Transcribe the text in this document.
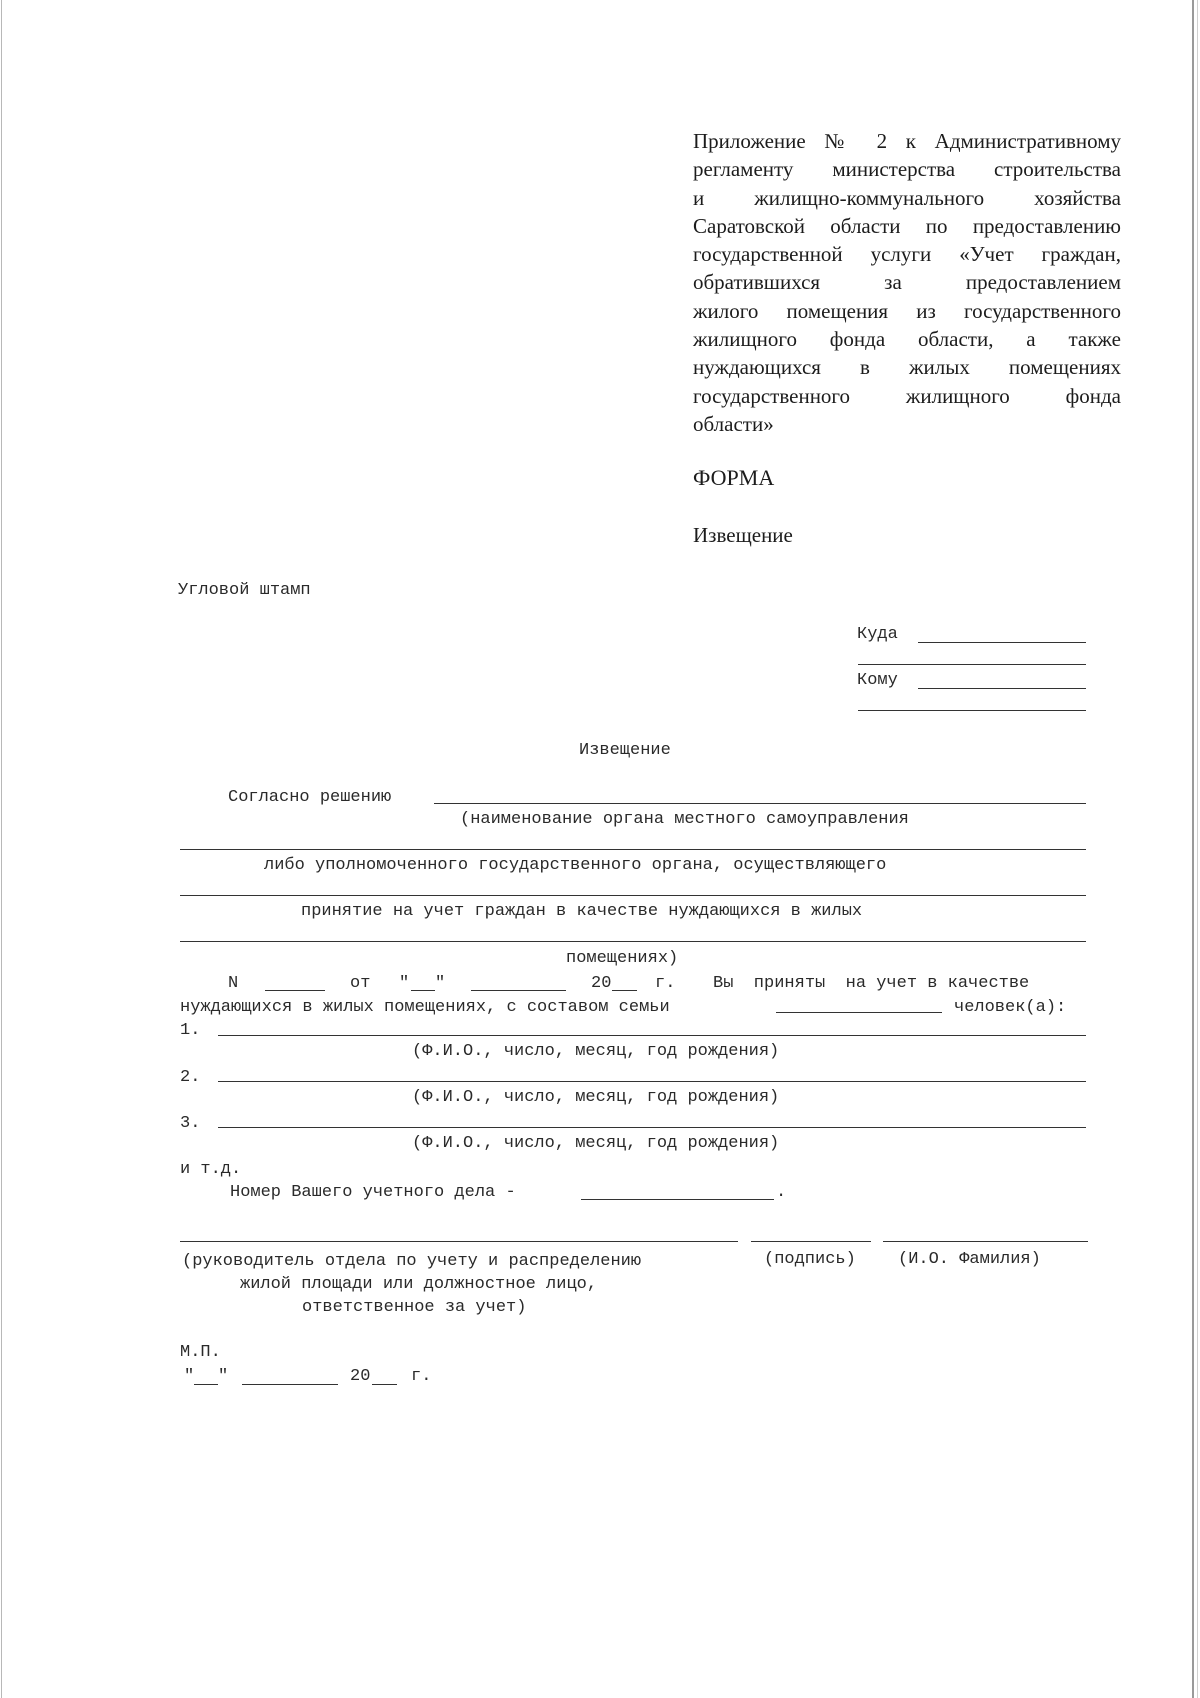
Приложение № 2 к Административному
регламенту министерства строительства
и жилищно-коммунального хозяйства
Саратовской области по предоставлению
государственной услуги «Учет граждан,
обратившихся за предоставлением
жилого помещения из государственного
жилищного фонда области, а также
нуждающихся в жилых помещениях
государственного жилищного фонда
области»
ФОРМА
Извещение
Угловой штамп
Куда
Кому
Извещение
Согласно решению
(наименование органа местного самоуправления
либо уполномоченного государственного органа, осуществляющего
принятие на учет граждан в качестве нуждающихся в жилых
помещениях)
N	от " "	20	г. Вы  приняты  на учет в качестве
нуждающихся в жилых помещениях, с составом семьи	человек(а):
1.
(Ф.И.О., число, месяц, год рождения)
2.
(Ф.И.О., число, месяц, год рождения)
3.
(Ф.И.О., число, месяц, год рождения)
и т.д.
Номер Вашего учетного дела -	.
(руководитель отдела по учету и распределению	(подпись) (И.О. Фамилия)
жилой площади или должностное лицо,
ответственное за учет)
М.П.
" "	20 г.
